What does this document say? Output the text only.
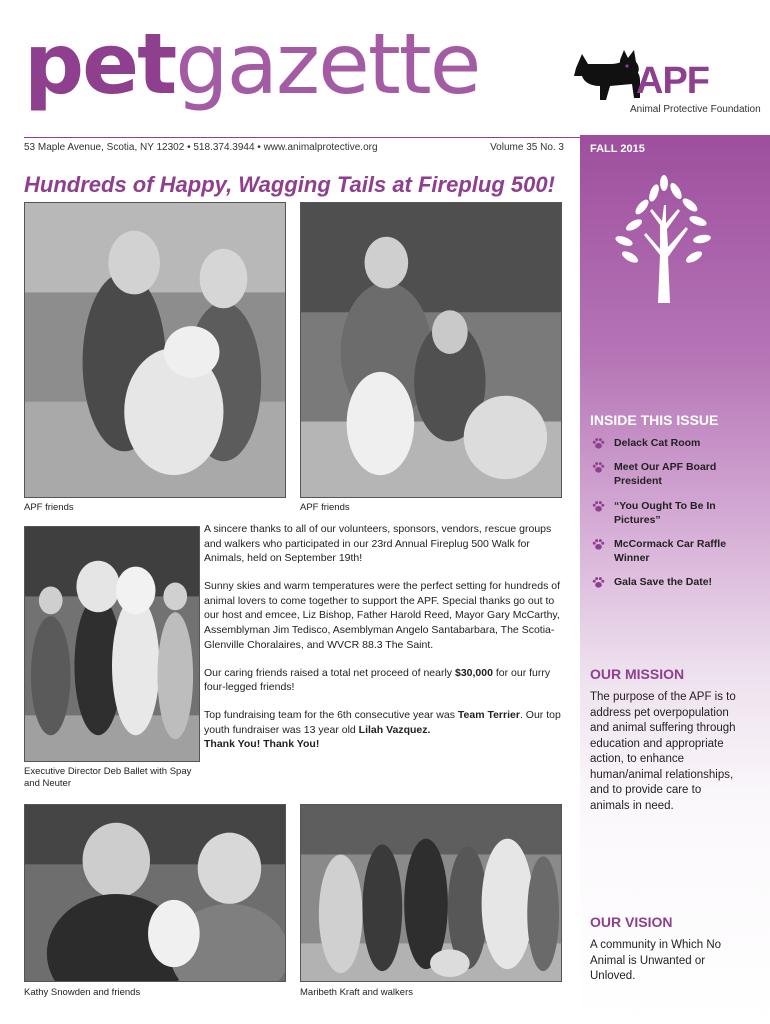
petgazette	APF
Animal Protective Foundation
53 Maple Avenue, Scotia, NY 12302 • 518.374.3944 • www.animalprotective.org	Volume 35 No. 3 FALL 2015
Hundreds of Happy, Wagging Tails at Fireplug 500!
APF friends	APF friends
Executive Director Deb Ballet with Spay and Neuter
Kathy Snowden and friends	Maribeth Kraft and walkers

A sincere thanks to all of our volunteers, sponsors, vendors, rescue groups and walkers who participated in our 23rd Annual Fireplug 500 Walk for Animals, held on September 19th!

Sunny skies and warm temperatures were the perfect setting for hundreds of animal lovers to come together to support the APF. Special thanks go out to our host and emcee, Liz Bishop, Father Harold Reed, Mayor Gary McCarthy, Assemblyman Jim Tedisco, Asemblyman Angelo Santabarbara, The Scotia-Glenville Choralaires, and WVCR 88.3 The Saint.

Our caring friends raised a total net proceed of nearly $30,000 for our furry four-legged friends!

Top fundraising team for the 6th consecutive year was Team Terrier. Our top youth fundraiser was 13 year old Lilah Vazquez.
Thank You! Thank You!

INSIDE THIS ISSUE
Delack Cat Room
Meet Our APF Board President
“You Ought To Be In Pictures”
McCormack Car Raffle Winner
Gala Save the Date!
OUR MISSION
The purpose of the APF is to address pet overpopulation and animal suffering through education and appropriate action, to enhance human/animal relationships, and to provide care to animals in need.
OUR VISION
A community in Which No Animal is Unwanted or Unloved.
